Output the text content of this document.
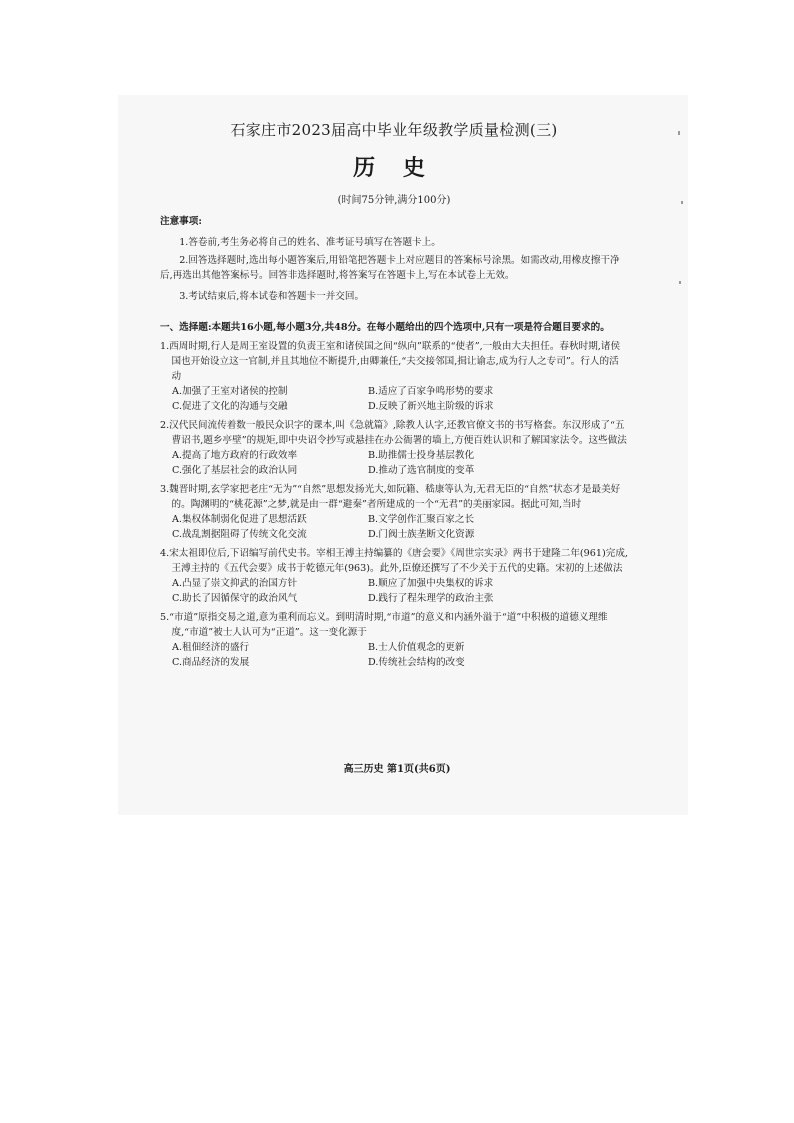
石家庄市2023届高中毕业年级教学质量检测(三)
历 史
(时间75分钟,满分100分)
注意事项:
1.答卷前,考生务必将自己的姓名、准考证号填写在答题卡上。
2.回答选择题时,选出每小题答案后,用铅笔把答题卡上对应题目的答案标号涂黑。如需改动,用橡皮擦干净后,再选出其他答案标号。回答非选择题时,将答案写在答题卡上,写在本试卷上无效。
3.考试结束后,将本试卷和答题卡一并交回。
一、选择题:本题共16小题,每小题3分,共48分。在每小题给出的四个选项中,只有一项是符合题目要求的。
1.西周时期,行人是周王室设置的负责王室和诸侯国之间“纵向”联系的“使者”,一般由大夫担任。春秋时期,诸侯国也开始设立这一官制,并且其地位不断提升,由卿兼任,“夫交接邻国,揖让谕志,成为行人之专司”。行人的活动
A.加强了王室对诸侯的控制	B.适应了百家争鸣形势的要求
C.促进了文化的沟通与交融	D.反映了新兴地主阶级的诉求
2.汉代民间流传着数一般民众识字的课本,叫《急就篇》,除教人认字,还教官僚文书的书写格套。东汉形成了“五曹诏书,题乡亭壁”的规矩,即中央诏令抄写或悬挂在办公衙署的墙上,方便百姓认识和了解国家法令。这些做法
A.提高了地方政府的行政效率	B.助推儒士投身基层教化
C.强化了基层社会的政治认同	D.推动了选官制度的变革
3.魏晋时期,玄学家把老庄“无为”“自然”思想发扬光大,如阮籍、嵇康等认为,无君无臣的“自然”状态才是最美好的。陶渊明的“桃花源”之梦,就是由一群“避秦”者所建成的一个“无君”的美丽家园。据此可知,当时
A.集权体制弱化促进了思想活跃	B.文学创作汇聚百家之长
C.战乱割据阻碍了传统文化交流	D.门阀士族垄断文化资源
4.宋太祖即位后,下诏编写前代史书。宰相王溥主持编纂的《唐会要》《周世宗实录》两书于建隆二年(961)完成,王溥主持的《五代会要》成书于乾德元年(963)。此外,臣僚还撰写了不少关于五代的史籍。宋初的上述做法
A.凸显了崇文抑武的治国方针	B.顺应了加强中央集权的诉求
C.助长了因循保守的政治风气	D.践行了程朱理学的政治主张
5.“市道”原指交易之道,意为重利而忘义。到明清时期,“市道”的意义和内涵外溢于“道”中积极的道德义理维度,“市道”被士人认可为“正道”。这一变化源于
A.租佃经济的盛行	B.士人价值观念的更新
C.商品经济的发展	D.传统社会结构的改变
高三历史 第1页(共6页)
